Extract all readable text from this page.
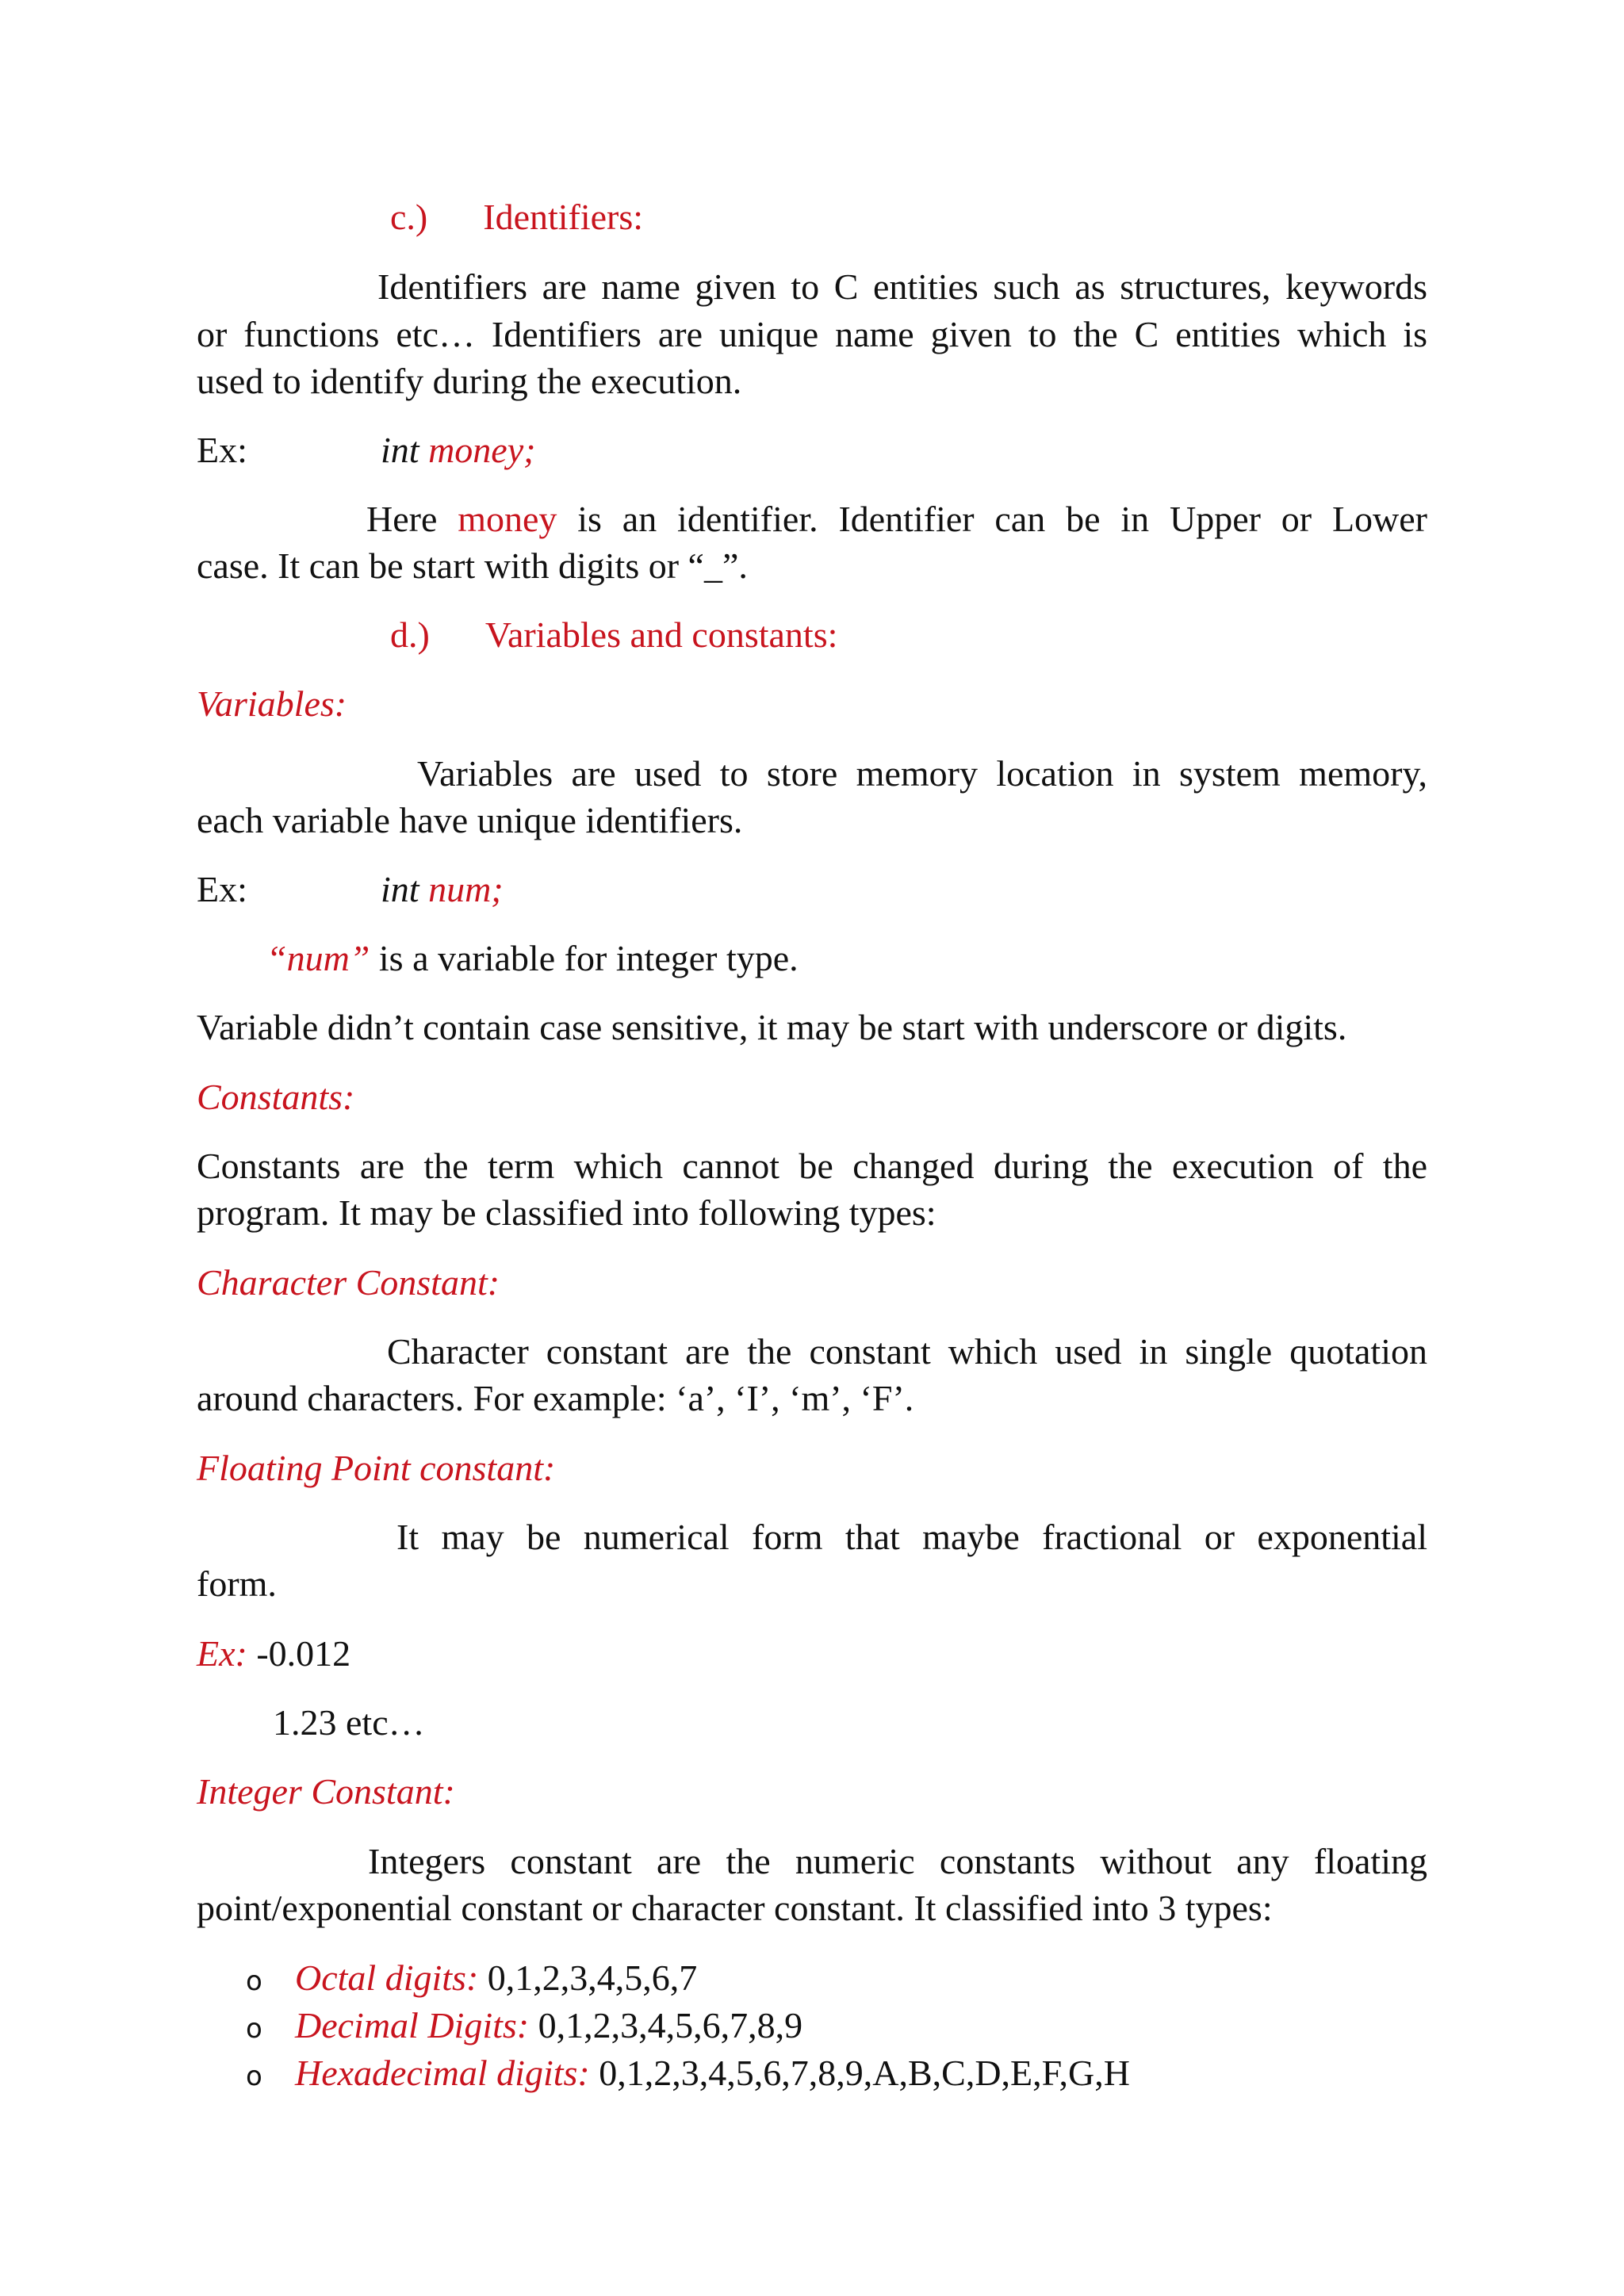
c.) Identifiers:
Identifiers are name given to C entities such as structures, keywords
or functions etc… Identifiers are unique name given to the C entities which is
used to identify during the execution.
Ex:	int money;
Here money is an identifier. Identifier can be in Upper or Lower
case. It can be start with digits or “_”.
d.) Variables and constants:
Variables:
Variables are used to store memory location in system memory,
each variable have unique identifiers.
Ex:	int num;
“num” is a variable for integer type.
Variable didn’t contain case sensitive, it may be start with underscore or digits.
Constants:
Constants are the term which cannot be changed during the execution of the
program. It may be classified into following types:
Character Constant:
Character constant are the constant which used in single quotation
around characters. For example: ‘a’, ‘I’, ‘m’, ‘F’.
Floating Point constant:
It may be numerical form that maybe fractional or exponential
form.
Ex: -0.012
1.23 etc…
Integer Constant:
Integers constant are the numeric constants without any floating
point/exponential constant or character constant. It classified into 3 types:
o Octal digits: 0,1,2,3,4,5,6,7
o Decimal Digits: 0,1,2,3,4,5,6,7,8,9
o Hexadecimal digits: 0,1,2,3,4,5,6,7,8,9,A,B,C,D,E,F,G,H
